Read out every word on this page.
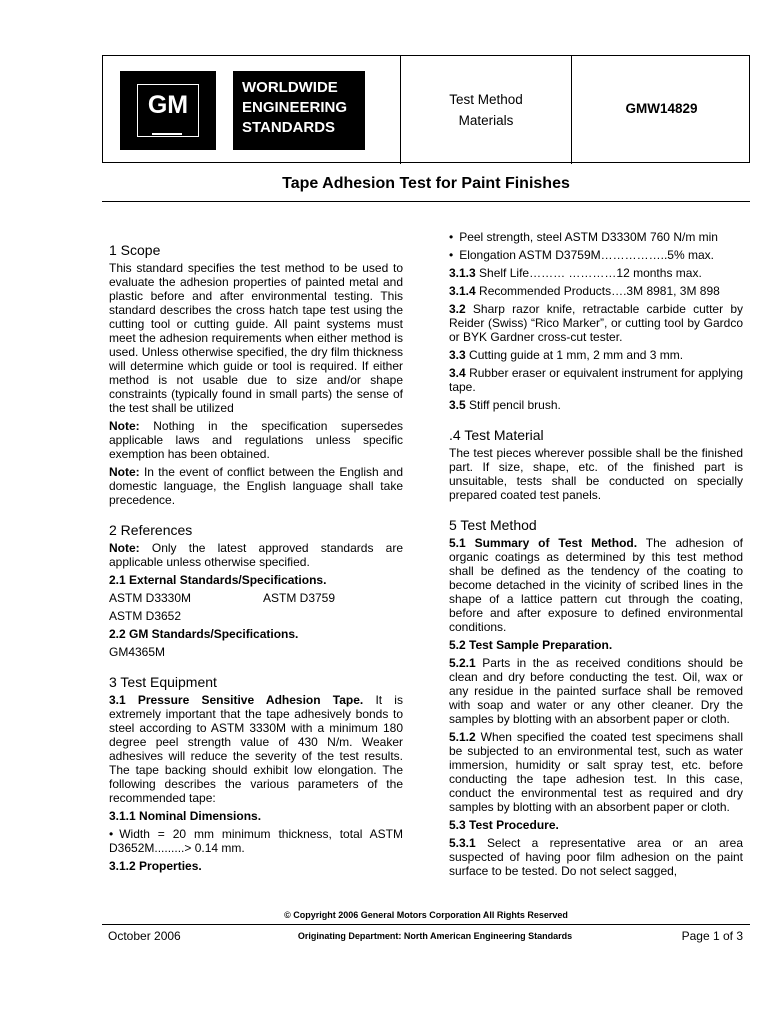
GM
WORLDWIDE
ENGINEERING
STANDARDS
Test Method
Materials
GMW14829
Tape Adhesion Test for Paint Finishes
1 Scope

This standard specifies the test method to be used to evaluate the adhesion properties of painted metal and plastic before and after environmental testing. This standard describes the cross hatch tape test using the cutting tool or cutting guide. All paint systems must meet the adhesion requirements when either method is used. Unless otherwise specified, the dry film thickness will determine which guide or tool is required. If either method is not usable due to size and/or shape constraints (typically found in small parts) the sense of the test shall be utilized

Note: Nothing in the specification supersedes applicable laws and regulations unless specific exemption has been obtained.

Note: In the event of conflict between the English and domestic language, the English language shall take precedence.

2 References

Note: Only the latest approved standards are applicable unless otherwise specified.

2.1 External Standards/Specifications.

ASTM D3330M	ASTM D3759

ASTM D3652

2.2 GM Standards/Specifications.

GM4365M

3 Test Equipment

3.1 Pressure Sensitive Adhesion Tape. It is extremely important that the tape adhesively bonds to steel according to ASTM 3330M with a minimum 180 degree peel strength value of 430 N/m. Weaker adhesives will reduce the severity of the test results. The tape backing should exhibit low elongation. The following describes the various parameters of the recommended tape:

3.1.1 Nominal Dimensions.

• Width = 20 mm minimum thickness, total ASTM D3652M.........> 0.14 mm.

3.1.2 Properties.

• Peel strength, steel ASTM D3330M 760 N/m min

• Elongation ASTM D3759M……………..5% max.

3.1.3 Shelf Life……… …………12 months max.

3.1.4 Recommended Products….3M 8981, 3M 898

3.2 Sharp razor knife, retractable carbide cutter by Reider (Swiss) “Rico Marker”, or cutting tool by Gardco or BYK Gardner cross-cut tester.

3.3 Cutting guide at 1 mm, 2 mm and 3 mm.

3.4 Rubber eraser or equivalent instrument for applying tape.

3.5 Stiff pencil brush.

.4 Test Material

The test pieces wherever possible shall be the finished part. If size, shape, etc. of the finished part is unsuitable, tests shall be conducted on specially prepared coated test panels.

5 Test Method

5.1 Summary of Test Method. The adhesion of organic coatings as determined by this test method shall be defined as the tendency of the coating to become detached in the vicinity of scribed lines in the shape of a lattice pattern cut through the coating, before and after exposure to defined environmental conditions.

5.2 Test Sample Preparation.

5.2.1 Parts in the as received conditions should be clean and dry before conducting the test. Oil, wax or any residue in the painted surface shall be removed with soap and water or any other cleaner. Dry the samples by blotting with an absorbent paper or cloth.

5.1.2 When specified the coated test specimens shall be subjected to an environmental test, such as water immersion, humidity or salt spray test, etc. before conducting the tape adhesion test. In this case, conduct the environmental test as required and dry samples by blotting with an absorbent paper or cloth.

5.3 Test Procedure.

5.3.1 Select a representative area or an area suspected of having poor film adhesion on the paint surface to be tested. Do not select sagged,

© Copyright 2006 General Motors Corporation All Rights Reserved
October 2006	Originating Department: North American Engineering Standards	Page 1 of 3
